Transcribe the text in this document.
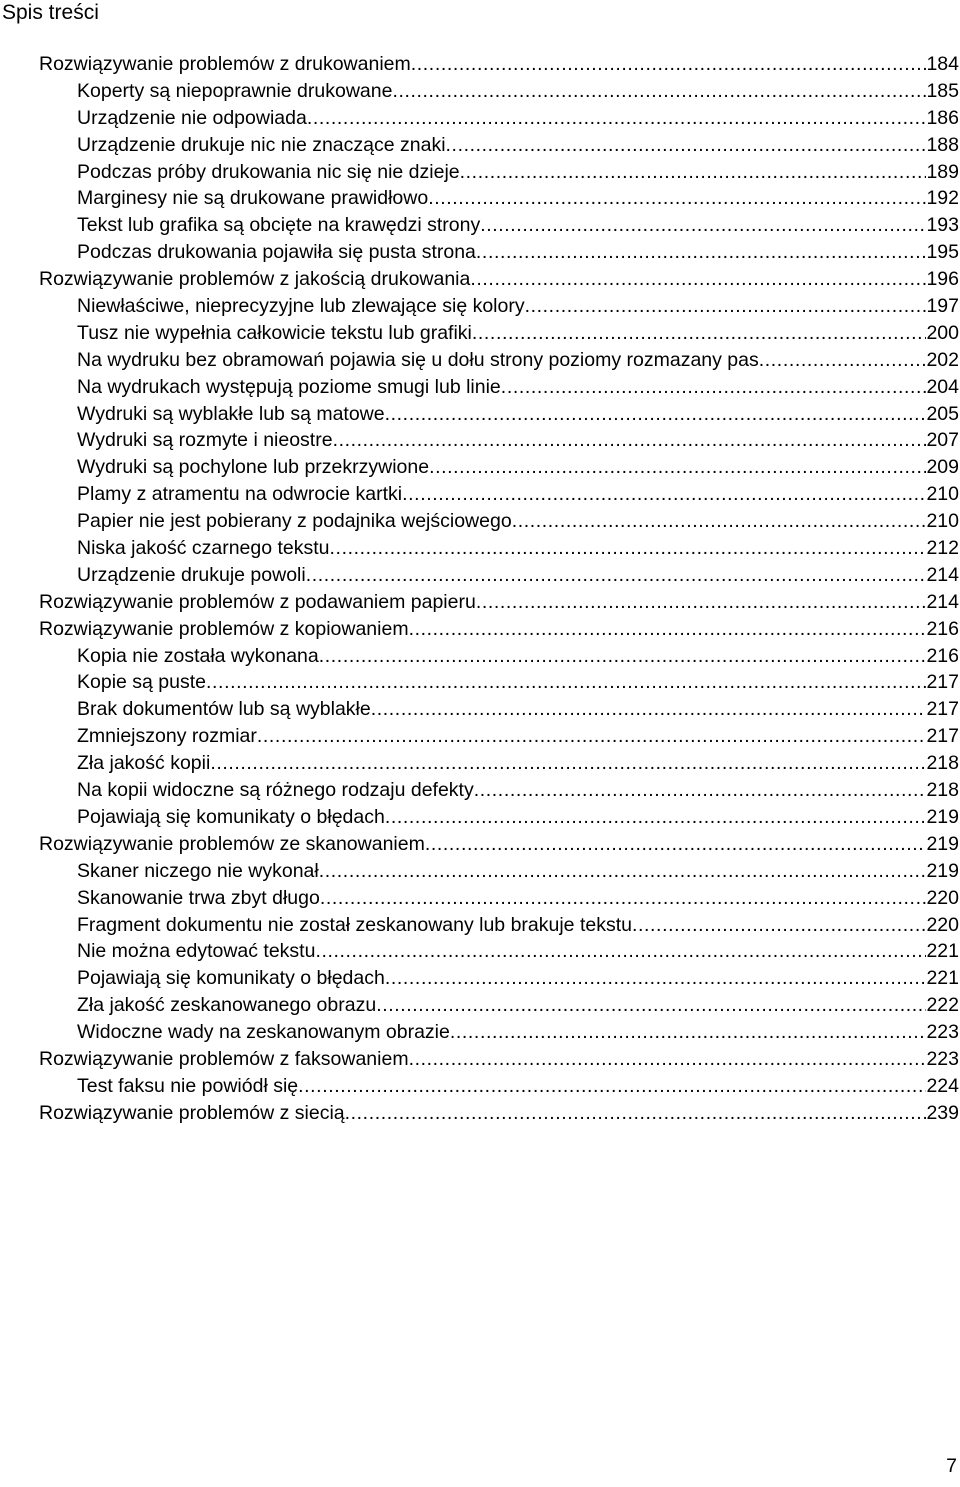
Spis treści
Rozwiązywanie problemów z drukowaniem .....	184
Koperty są niepoprawnie drukowane .....	185
Urządzenie nie odpowiada .....	186
Urządzenie drukuje nic nie znaczące znaki .....	188
Podczas próby drukowania nic się nie dzieje .....	189
Marginesy nie są drukowane prawidłowo .....	192
Tekst lub grafika są obcięte na krawędzi strony .....	193
Podczas drukowania pojawiła się pusta strona .....	195
Rozwiązywanie problemów z jakością drukowania .....	196
Niewłaściwe, nieprecyzyjne lub zlewające się kolory .....	197
Tusz nie wypełnia całkowicie tekstu lub grafiki .....	200
Na wydruku bez obramowań pojawia się u dołu strony poziomy rozmazany pas .....	202
Na wydrukach występują poziome smugi lub linie .....	204
Wydruki są wyblakłe lub są matowe .....	205
Wydruki są rozmyte i nieostre .....	207
Wydruki są pochylone lub przekrzywione .....	209
Plamy z atramentu na odwrocie kartki .....	210
Papier nie jest pobierany z podajnika wejściowego .....	210
Niska jakość czarnego tekstu .....	212
Urządzenie drukuje powoli .....	214
Rozwiązywanie problemów z podawaniem papieru .....	214
Rozwiązywanie problemów z kopiowaniem .....	216
Kopia nie została wykonana .....	216
Kopie są puste .....	217
Brak dokumentów lub są wyblakłe .....	217
Zmniejszony rozmiar .....	217
Zła jakość kopii .....	218
Na kopii widoczne są różnego rodzaju defekty .....	218
Pojawiają się komunikaty o błędach .....	219
Rozwiązywanie problemów ze skanowaniem .....	219
Skaner niczego nie wykonał .....	219
Skanowanie trwa zbyt długo .....	220
Fragment dokumentu nie został zeskanowany lub brakuje tekstu .....	220
Nie można edytować tekstu .....	221
Pojawiają się komunikaty o błędach .....	221
Zła jakość zeskanowanego obrazu .....	222
Widoczne wady na zeskanowanym obrazie .....	223
Rozwiązywanie problemów z faksowaniem .....	223
Test faksu nie powiódł się .....	224
Rozwiązywanie problemów z siecią .....	239
7
